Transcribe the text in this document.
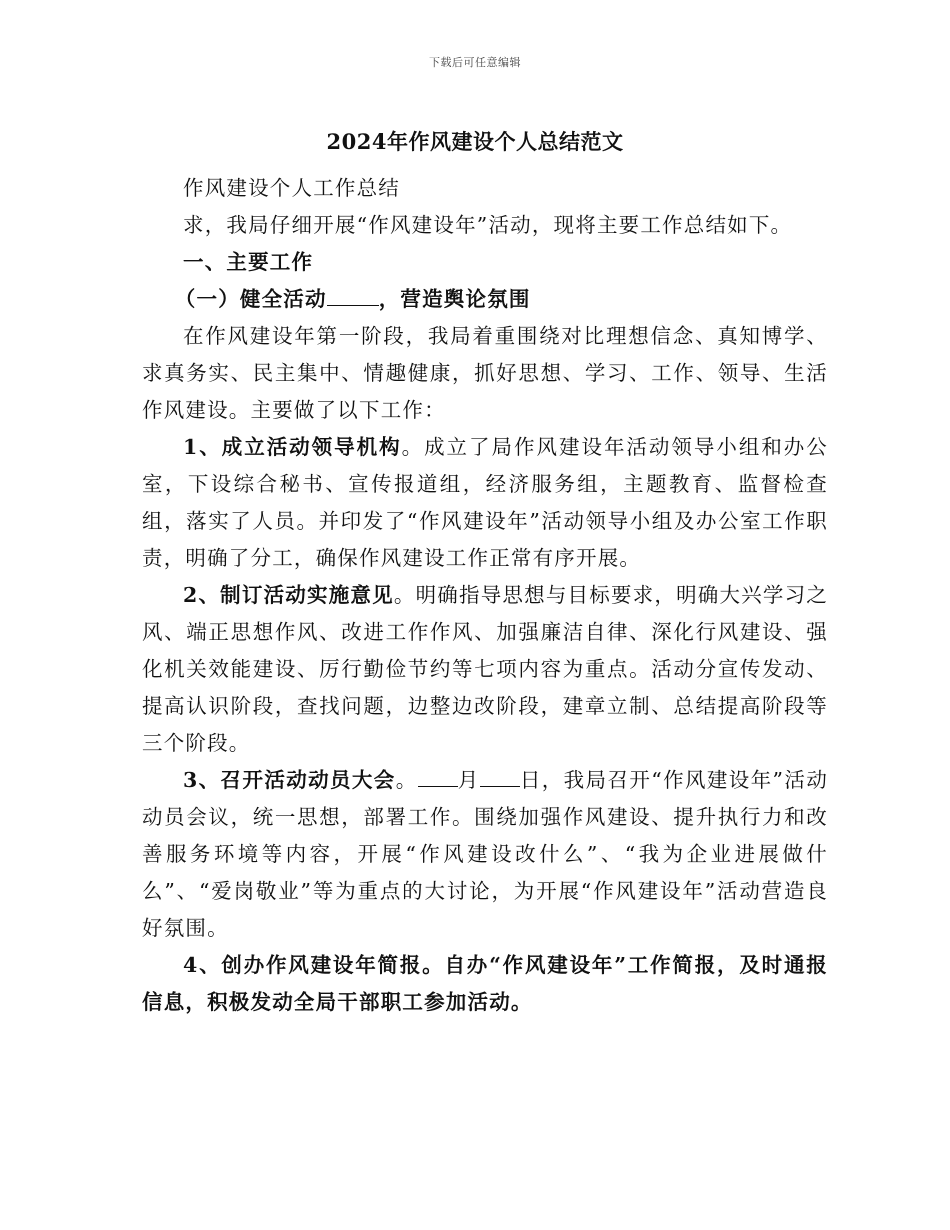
下载后可任意编辑
2024年作风建设个人总结范文

作风建设个人工作总结

求，我局仔细开展“作风建设年”活动，现将主要工作总结如下。

一、主要工作

（一）健全活动	，营造舆论氛围

在作风建设年第一阶段，我局着重围绕对比理想信念、真知博学、求真务实、民主集中、情趣健康，抓好思想、学习、工作、领导、生活作风建设。主要做了以下工作：

1、成立活动领导机构。成立了局作风建设年活动领导小组和办公室，下设综合秘书、宣传报道组，经济服务组，主题教育、监督检查组，落实了人员。并印发了“作风建设年”活动领导小组及办公室工作职责，明确了分工，确保作风建设工作正常有序开展。

2、制订活动实施意见。明确指导思想与目标要求，明确大兴学习之风、端正思想作风、改进工作作风、加强廉洁自律、深化行风建设、强化机关效能建设、厉行勤俭节约等七项内容为重点。活动分宣传发动、提高认识阶段，查找问题，边整边改阶段，建章立制、总结提高阶段等三个阶段。

3、召开活动动员大会。 月 日，我局召开“作风建设年”活动动员会议，统一思想，部署工作。围绕加强作风建设、提升执行力和改善服务环境等内容，开展“作风建设改什么”、“我为企业进展做什么”、“爱岗敬业”等为重点的大讨论，为开展“作风建设年”活动营造良好氛围。

4、创办作风建设年简报。自办“作风建设年”工作简报，及时通报信息，积极发动全局干部职工参加活动。
